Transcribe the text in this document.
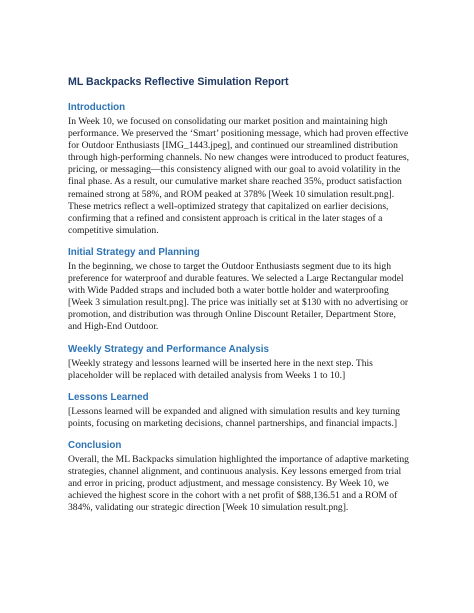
ML Backpacks Reflective Simulation Report
Introduction
In Week 10, we focused on consolidating our market position and maintaining high performance. We preserved the ‘Smart’ positioning message, which had proven effective for Outdoor Enthusiasts [IMG_1443.jpeg], and continued our streamlined distribution through high-performing channels. No new changes were introduced to product features, pricing, or messaging—this consistency aligned with our goal to avoid volatility in the final phase. As a result, our cumulative market share reached 35%, product satisfaction remained strong at 58%, and ROM peaked at 378% [Week 10 simulation result.png]. These metrics reflect a well-optimized strategy that capitalized on earlier decisions, confirming that a refined and consistent approach is critical in the later stages of a competitive simulation.
Initial Strategy and Planning
In the beginning, we chose to target the Outdoor Enthusiasts segment due to its high preference for waterproof and durable features. We selected a Large Rectangular model with Wide Padded straps and included both a water bottle holder and waterproofing [Week 3 simulation result.png]. The price was initially set at $130 with no advertising or promotion, and distribution was through Online Discount Retailer, Department Store, and High-End Outdoor.
Weekly Strategy and Performance Analysis
[Weekly strategy and lessons learned will be inserted here in the next step. This placeholder will be replaced with detailed analysis from Weeks 1 to 10.]
Lessons Learned
[Lessons learned will be expanded and aligned with simulation results and key turning points, focusing on marketing decisions, channel partnerships, and financial impacts.]
Conclusion
Overall, the ML Backpacks simulation highlighted the importance of adaptive marketing strategies, channel alignment, and continuous analysis. Key lessons emerged from trial and error in pricing, product adjustment, and message consistency. By Week 10, we achieved the highest score in the cohort with a net profit of $88,136.51 and a ROM of 384%, validating our strategic direction [Week 10 simulation result.png].
